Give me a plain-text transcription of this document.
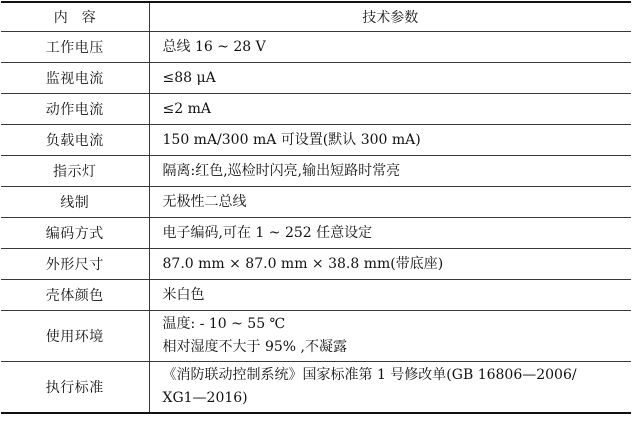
内　容	技术参数
工作电压	总线 16 ~ 28 V

监视电流	≤88 μA

动作电流	≤2 mA

负载电流	150 mA/300 mA 可设置(默认 300 mA)

指示灯	隔离:红色,巡检时闪亮,输出短路时常亮

线制	无极性二总线

编码方式	电子编码,可在 1 ~ 252 任意设定

外形尺寸	87.0 mm × 87.0 mm × 38.8 mm(带底座)

壳体颜色	米白色

使用环境	温度: - 10 ~ 55 ℃
相对湿度不大于 95% ,不凝露

执行标准	《消防联动控制系统》国家标准第 1 号修改单(GB 16806—2006/
XG1—2016)
